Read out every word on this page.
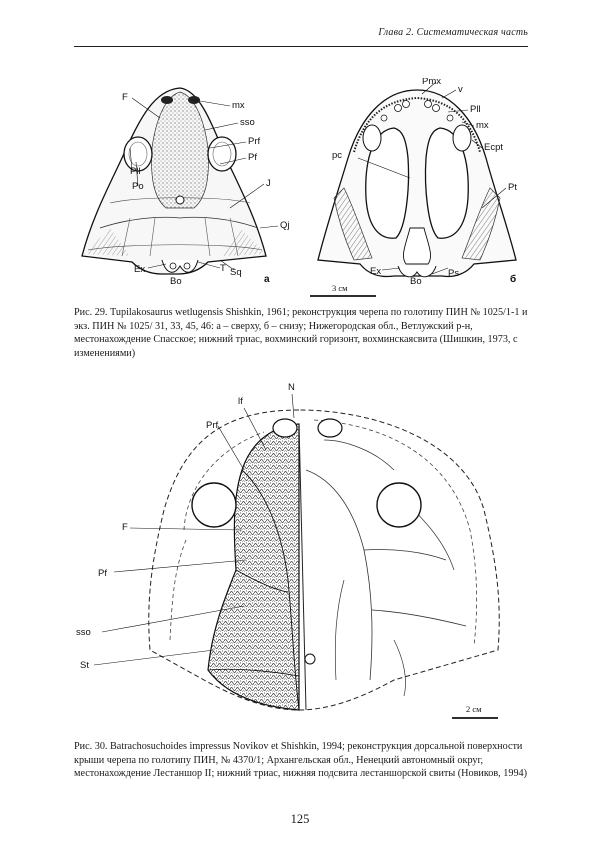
Глава 2. Систематическая часть
F
mx
sso
Prf
Pf
Pll
Po	J
Qj
Ex
Bo
T Sq
а
Pmx
v
Pll
mx
Ecpt
pc
Pt
Ex
Bo
Ps
б
3 см
Рис. 29. Tupilakosaurus wetlugensis Shishkin, 1961; реконструкция черепа по голотипу ПИН № 1025/1-1 и экз. ПИН № 1025/ 31, 33, 45, 46: а – сверху, б – снизу; Нижегородская обл., Ветлужский р-н, местонахождение Спасское; нижний триас, вохминский горизонт, вохминскаясвита (Шишкин, 1973, с изменениями)
N
lf
Prf
F
Pf
sso
St
2 см
Рис. 30. Batrachosuchoides impressus Novikov et Shishkin, 1994; реконструкция дорсальной поверхности крыши черепа по голотипу ПИН, № 4370/1; Архангельская обл., Ненецкий автономный округ, местонахождение Лестаншор II; нижний триас, нижняя подсвита лестаншорской свиты (Новиков, 1994)
125
